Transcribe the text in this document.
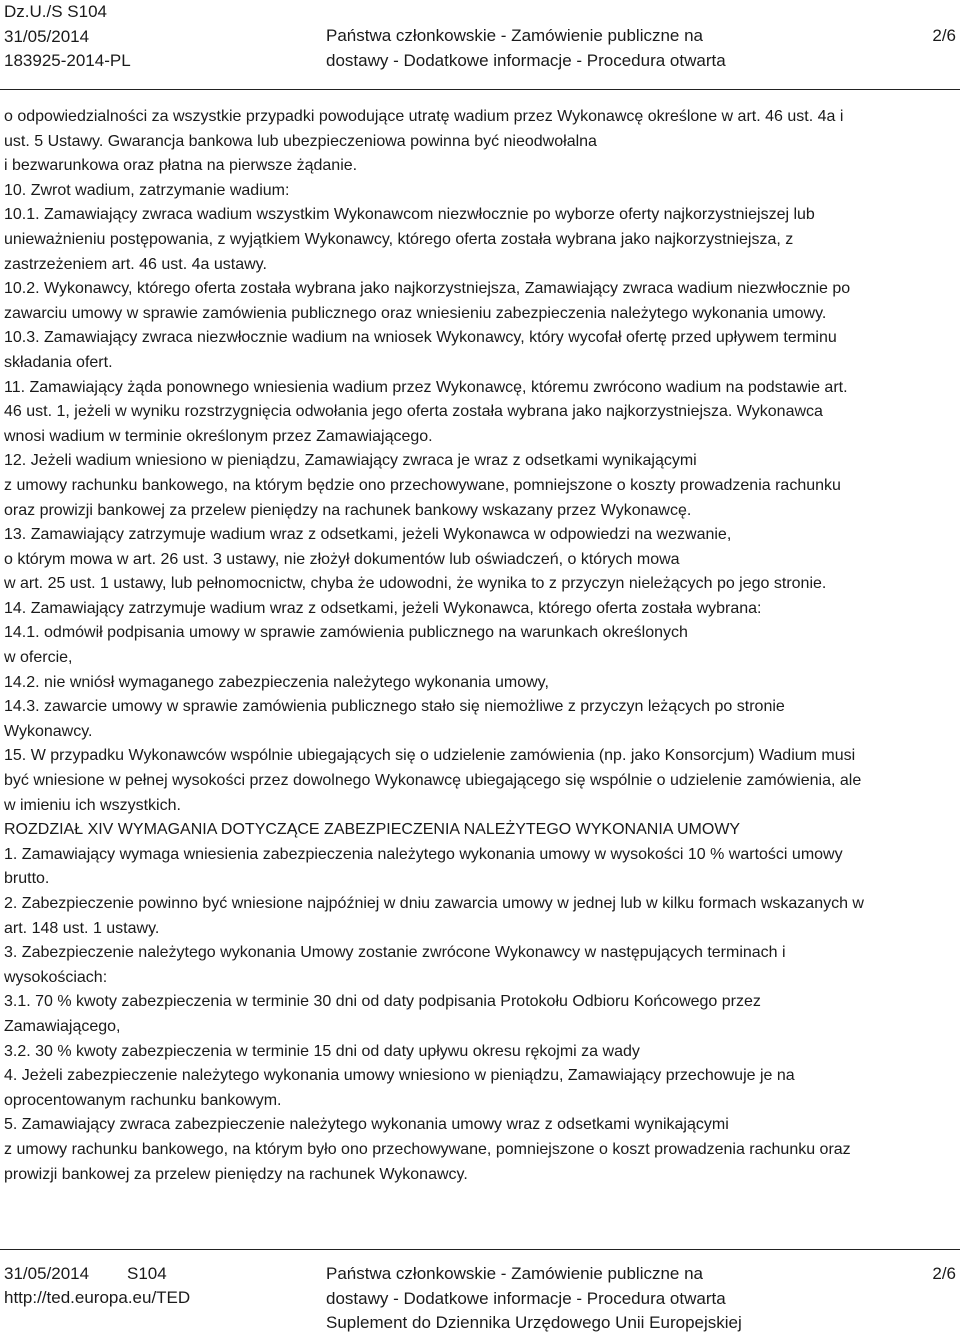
Dz.U./S S104
31/05/2014
183925-2014-PL
Państwa członkowskie - Zamówienie publiczne na
dostawy - Dodatkowe informacje - Procedura otwarta
2/6
o odpowiedzialności za wszystkie przypadki powodujące utratę wadium przez Wykonawcę określone w art. 46 ust. 4a i
ust. 5 Ustawy. Gwarancja bankowa lub ubezpieczeniowa powinna być nieodwołalna
i bezwarunkowa oraz płatna na pierwsze żądanie.
10. Zwrot wadium, zatrzymanie wadium:
10.1. Zamawiający zwraca wadium wszystkim Wykonawcom niezwłocznie po wyborze oferty najkorzystniejszej lub
unieważnieniu postępowania, z wyjątkiem Wykonawcy, którego oferta została wybrana jako najkorzystniejsza, z
zastrzeżeniem art. 46 ust. 4a ustawy.
10.2. Wykonawcy, którego oferta została wybrana jako najkorzystniejsza, Zamawiający zwraca wadium niezwłocznie po
zawarciu umowy w sprawie zamówienia publicznego oraz wniesieniu zabezpieczenia należytego wykonania umowy.
10.3. Zamawiający zwraca niezwłocznie wadium na wniosek Wykonawcy, który wycofał ofertę przed upływem terminu
składania ofert.
11. Zamawiający żąda ponownego wniesienia wadium przez Wykonawcę, któremu zwrócono wadium na podstawie art.
46 ust. 1, jeżeli w wyniku rozstrzygnięcia odwołania jego oferta została wybrana jako najkorzystniejsza. Wykonawca
wnosi wadium w terminie określonym przez Zamawiającego.
12. Jeżeli wadium wniesiono w pieniądzu, Zamawiający zwraca je wraz z odsetkami wynikającymi
z umowy rachunku bankowego, na którym będzie ono przechowywane, pomniejszone o koszty prowadzenia rachunku
oraz prowizji bankowej za przelew pieniędzy na rachunek bankowy wskazany przez Wykonawcę.
13. Zamawiający zatrzymuje wadium wraz z odsetkami, jeżeli Wykonawca w odpowiedzi na wezwanie,
o którym mowa w art. 26 ust. 3 ustawy, nie złożył dokumentów lub oświadczeń, o których mowa
w art. 25 ust. 1 ustawy, lub pełnomocnictw, chyba że udowodni, że wynika to z przyczyn nieleżących po jego stronie.
14. Zamawiający zatrzymuje wadium wraz z odsetkami, jeżeli Wykonawca, którego oferta została wybrana:
14.1. odmówił podpisania umowy w sprawie zamówienia publicznego na warunkach określonych
w ofercie,
14.2. nie wniósł wymaganego zabezpieczenia należytego wykonania umowy,
14.3. zawarcie umowy w sprawie zamówienia publicznego stało się niemożliwe z przyczyn leżących po stronie
Wykonawcy.
15. W przypadku Wykonawców wspólnie ubiegających się o udzielenie zamówienia (np. jako Konsorcjum) Wadium musi
być wniesione w pełnej wysokości przez dowolnego Wykonawcę ubiegającego się wspólnie o udzielenie zamówienia, ale
w imieniu ich wszystkich.
ROZDZIAŁ XIV WYMAGANIA DOTYCZĄCE ZABEZPIECZENIA NALEŻYTEGO WYKONANIA UMOWY
1. Zamawiający wymaga wniesienia zabezpieczenia należytego wykonania umowy w wysokości 10 % wartości umowy
brutto.
2. Zabezpieczenie powinno być wniesione najpóźniej w dniu zawarcia umowy w jednej lub w kilku formach wskazanych w
art. 148 ust. 1 ustawy.
3. Zabezpieczenie należytego wykonania Umowy zostanie zwrócone Wykonawcy w następujących terminach i
wysokościach:
3.1. 70 % kwoty zabezpieczenia w terminie 30 dni od daty podpisania Protokołu Odbioru Końcowego przez
Zamawiającego,
3.2. 30 % kwoty zabezpieczenia w terminie 15 dni od daty upływu okresu rękojmi za wady
4. Jeżeli zabezpieczenie należytego wykonania umowy wniesiono w pieniądzu, Zamawiający przechowuje je na
oprocentowanym rachunku bankowym.
5. Zamawiający zwraca zabezpieczenie należytego wykonania umowy wraz z odsetkami wynikającymi
z umowy rachunku bankowego, na którym było ono przechowywane, pomniejszone o koszt prowadzenia rachunku oraz
prowizji bankowej za przelew pieniędzy na rachunek Wykonawcy.
31/05/2014 S104
http://ted.europa.eu/TED
Państwa członkowskie - Zamówienie publiczne na
dostawy - Dodatkowe informacje - Procedura otwarta
Suplement do Dziennika Urzędowego Unii Europejskiej
2/6
